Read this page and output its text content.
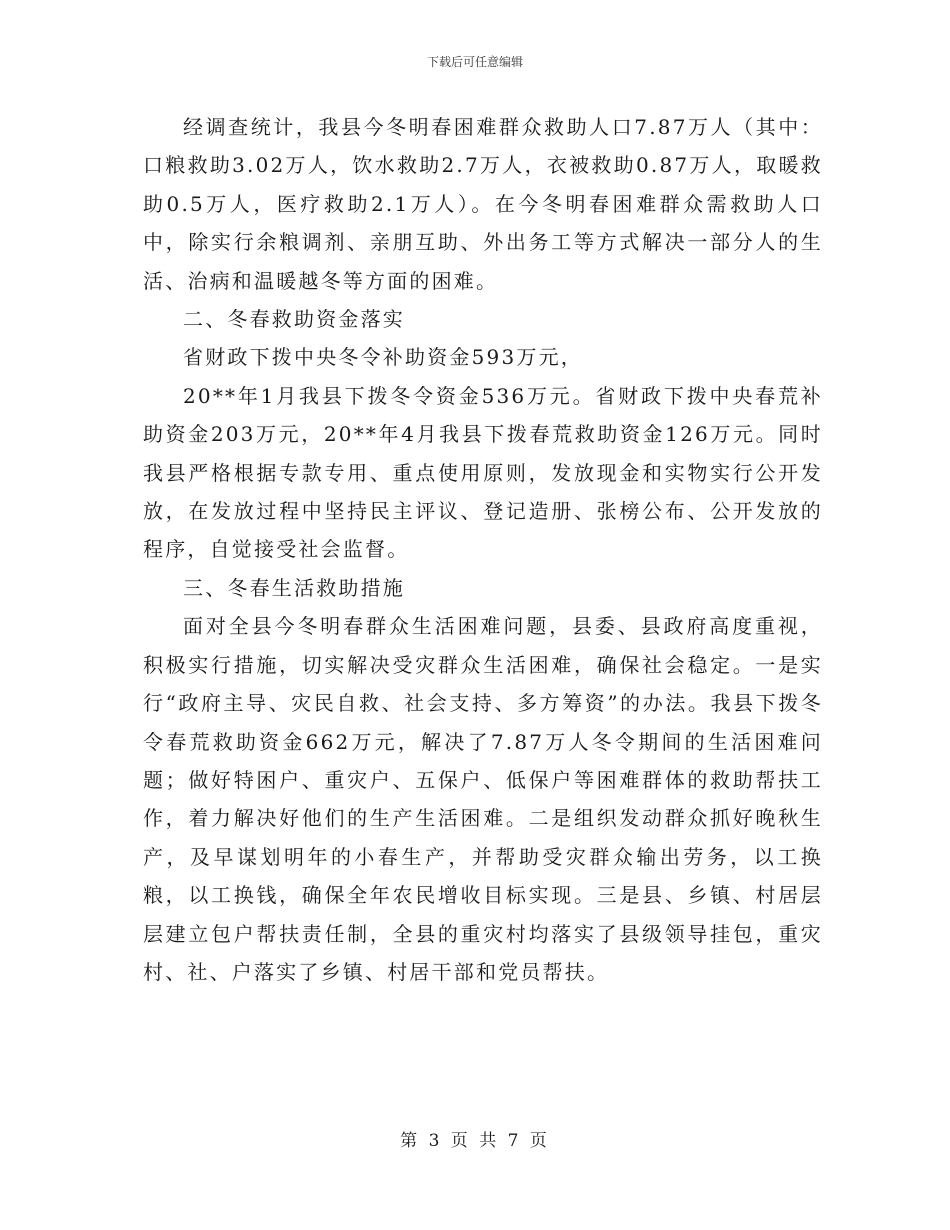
下载后可任意编辑

经调查统计，我县今冬明春困难群众救助人口7.87万人（其中：口粮救助3.02万人，饮水救助2.7万人，衣被救助0.87万人，取暖救助0.5万人，医疗救助2.1万人）。在今冬明春困难群众需救助人口中，除实行余粮调剂、亲朋互助、外出务工等方式解决一部分人的生活、治病和温暖越冬等方面的困难。

二、冬春救助资金落实

省财政下拨中央冬令补助资金593万元，

20**年1月我县下拨冬令资金536万元。省财政下拨中央春荒补助资金203万元，20**年4月我县下拨春荒救助资金126万元。同时我县严格根据专款专用、重点使用原则，发放现金和实物实行公开发放，在发放过程中坚持民主评议、登记造册、张榜公布、公开发放的程序，自觉接受社会监督。

三、冬春生活救助措施

面对全县今冬明春群众生活困难问题，县委、县政府高度重视，积极实行措施，切实解决受灾群众生活困难，确保社会稳定。一是实行“政府主导、灾民自救、社会支持、多方筹资”的办法。我县下拨冬令春荒救助资金662万元，解决了7.87万人冬令期间的生活困难问题；做好特困户、重灾户、五保户、低保户等困难群体的救助帮扶工作，着力解决好他们的生产生活困难。二是组织发动群众抓好晚秋生产，及早谋划明年的小春生产，并帮助受灾群众输出劳务，以工换粮，以工换钱，确保全年农民增收目标实现。三是县、乡镇、村居层层建立包户帮扶责任制，全县的重灾村均落实了县级领导挂包，重灾村、社、户落实了乡镇、村居干部和党员帮扶。

第 3 页 共 7 页
